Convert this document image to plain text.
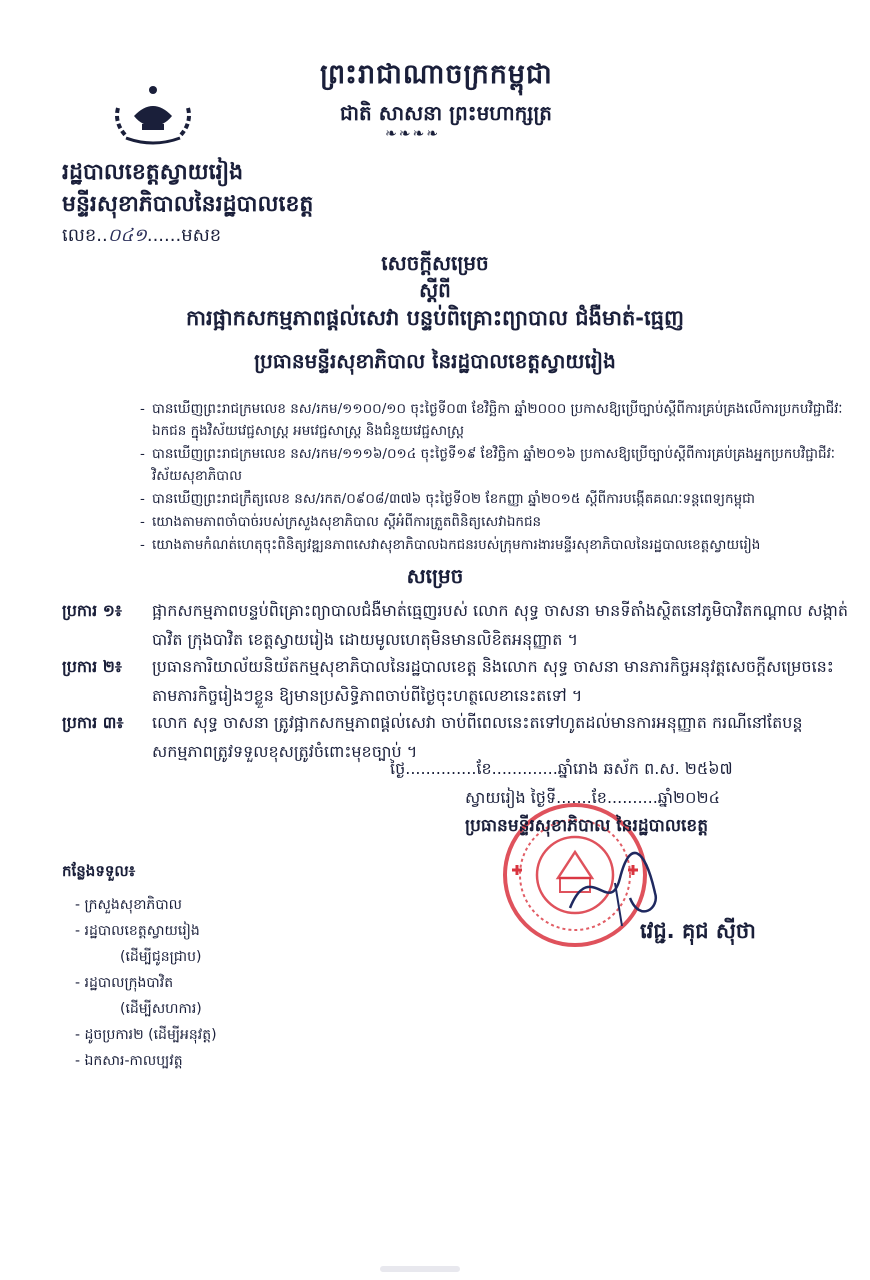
ព្រះរាជាណាចក្រកម្ពុជា
ជាតិ សាសនា ព្រះមហាក្សត្រ
❧❧❧❧
រដ្ឋបាលខេត្តស្វាយរៀង
មន្ទីរសុខាភិបាលនៃរដ្ឋបាលខេត្ត
លេខ..០៤១......មសខ
សេចក្ដីសម្រេច
ស្ដីពី
ការផ្អាកសកម្មភាពផ្ដល់សេវា បន្ទប់ពិគ្រោះព្យាបាល ជំងឺមាត់-ធ្មេញ
ប្រធានមន្ទីរសុខាភិបាល នៃរដ្ឋបាលខេត្តស្វាយរៀង
- បានឃើញព្រះរាជក្រមលេខ នស/រកម/១១០០/១០ ចុះថ្ងៃទី០៣ ខែវិច្ឆិកា ឆ្នាំ២០០០ ប្រកាសឱ្យប្រើច្បាប់ស្ដីពីការគ្រប់គ្រងលើការប្រកបវិជ្ជាជីវៈឯកជន ក្នុងវិស័យវេជ្ជសាស្ត្រ អមវេជ្ជសាស្ត្រ និងជំនួយវេជ្ជសាស្ត្រ
- បានឃើញព្រះរាជក្រមលេខ នស/រកម/១១១៦/០១៤ ចុះថ្ងៃទី១៩ ខែវិច្ឆិកា ឆ្នាំ២០១៦ ប្រកាសឱ្យប្រើច្បាប់ស្ដីពីការគ្រប់គ្រងអ្នកប្រកបវិជ្ជាជីវៈវិស័យសុខាភិបាល
- បានឃើញព្រះរាជក្រឹត្យលេខ នស/រកត/០៩០៨/៣៧៦ ចុះថ្ងៃទី០២ ខែកញ្ញា ឆ្នាំ២០១៥ ស្ដីពីការបង្កើតគណៈទន្តពេទ្យកម្ពុជា
- យោងតាមភាពចាំបាច់របស់ក្រសួងសុខាភិបាល ស្ដីអំពីការត្រួតពិនិត្យសេវាឯកជន
- យោងតាមកំណត់ហេតុចុះពិនិត្យវឌ្ឍនភាពសេវាសុខាភិបាលឯកជនរបស់ក្រុមការងារមន្ទីរសុខាភិបាលនៃរដ្ឋបាលខេត្តស្វាយរៀង
សម្រេច
ប្រការ ១៖	ផ្អាកសកម្មភាពបន្ទប់ពិគ្រោះព្យាបាលជំងឺមាត់ធ្មេញរបស់ លោក សុទ្ធ ចាសនា មានទីតាំងស្ថិតនៅភូមិបាវិតកណ្ដាល សង្កាត់បាវិត ក្រុងបាវិត ខេត្តស្វាយរៀង ដោយមូលហេតុមិនមានលិខិតអនុញ្ញាត ។
ប្រការ ២៖	ប្រធានការិយាល័យនិយ័តកម្មសុខាភិបាលនៃរដ្ឋបាលខេត្ត និងលោក សុទ្ធ ចាសនា មានភារកិច្ចអនុវត្តសេចក្ដីសម្រេចនេះ តាមភារកិច្ចរៀងៗខ្លួន ឱ្យមានប្រសិទ្ធិភាពចាប់ពីថ្ងៃចុះហត្ថលេខានេះតទៅ ។
ប្រការ ៣៖	លោក សុទ្ធ ចាសនា ត្រូវផ្អាកសកម្មភាពផ្ដល់សេវា ចាប់ពីពេលនេះតទៅហូតដល់មានការអនុញ្ញាត ករណីនៅតែបន្តសកម្មភាពត្រូវទទួលខុសត្រូវចំពោះមុខច្បាប់ ។
ថ្ងៃ..............ខែ.............ឆ្នាំរោង ឆស័ក ព.ស. ២៥៦៧
ស្វាយរៀង ថ្ងៃទី.......ខែ..........ឆ្នាំ២០២៤
ប្រធានមន្ទីរសុខាភិបាល នៃរដ្ឋបាលខេត្ត
វេជ្ជ. គុជ ស៊ីថា
កន្លែងទទួល៖
- ក្រសួងសុខាភិបាល
- រដ្ឋបាលខេត្តស្វាយរៀង
(ដើម្បីជូនជ្រាប)
- រដ្ឋបាលក្រុងបាវិត
(ដើម្បីសហការ)
- ដូចប្រការ២ (ដើម្បីអនុវត្ត)
- ឯកសារ-កាលប្បវត្ត
